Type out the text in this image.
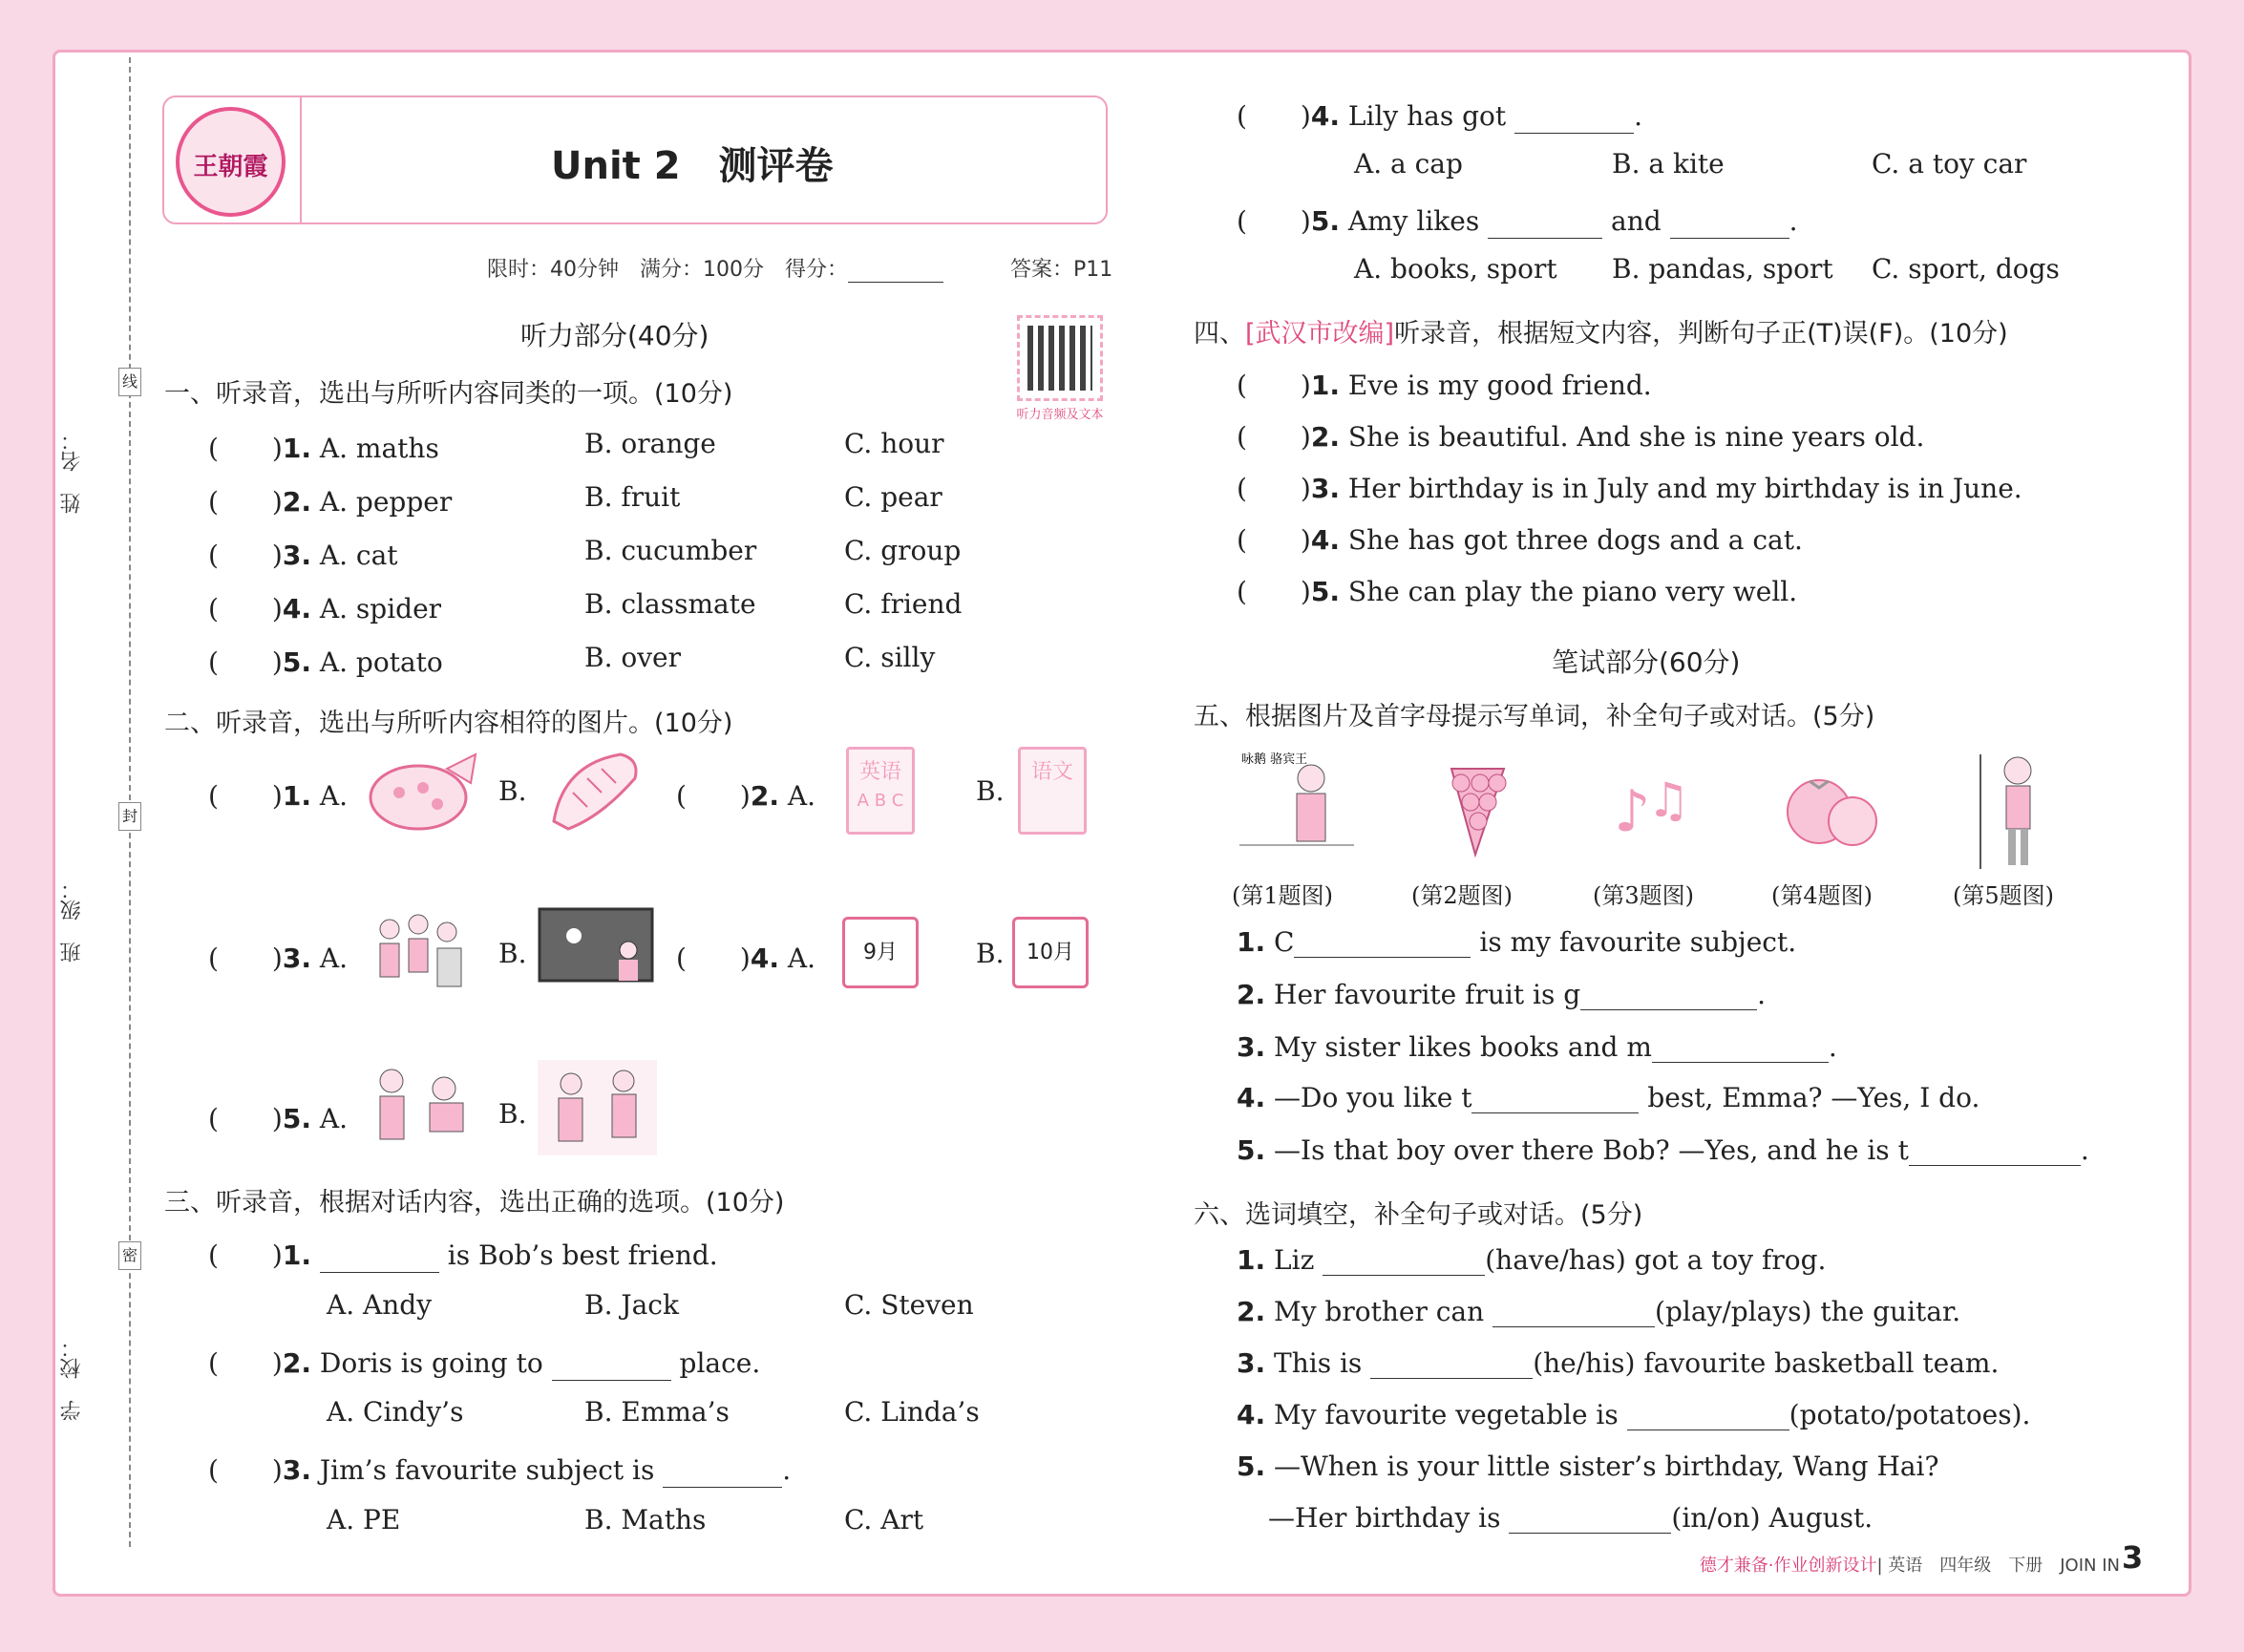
姓　名：
线
班　级：
封
学　校：
密
王朝霞	Unit 2　测评卷
限时：40分钟　满分：100分　得分：	答案：P11
听力部分(40分)
听力音频及文本
一、听录音，选出与所听内容同类的一项。(10分)
(　　)1. A. maths	B. orange	C. hour
(　　)2. A. pepper	B. fruit	C. pear
(　　)3. A. cat	B. cucumber	C. group
(　　)4. A. spider	B. classmate	C. friend
(　　)5. A. potato	B. over	C. silly
二、听录音，选出与所听内容相符的图片。(10分)
(　　)1. A.	B.	(　　)2. A.
英语
A B C	B.
语文
(　　)3. A.	B.	(　　)4. A.	9月	B.	10月
(　　)5. A.	B.
三、听录音，根据对话内容，选出正确的选项。(10分)
(　　)1.	is Bob’s best friend.
A. Andy	B. Jack	C. Steven
(　　)2. Doris is going to	place.
A. Cindy’s	B. Emma’s	C. Linda’s
(　　)3. Jim’s favourite subject is	.
A. PE	B. Maths	C. Art
(　　)4. Lily has got	.
A. a cap	B. a kite	C. a toy car
(　　)5. Amy likes	and	.
A. books, sport B. pandas, sport C. sport, dogs
四、[武汉市改编]听录音，根据短文内容，判断句子正(T)误(F)。(10分)
(　　)1. Eve is my good friend.
(　　)2. She is beautiful. And she is nine years old.
(　　)3. Her birthday is in July and my birthday is in June.
(　　)4. She has got three dogs and a cat.
(　　)5. She can play the piano very well.
笔试部分(60分)
五、根据图片及首字母提示写单词，补全句子或对话。(5分)
咏鹅 骆宾王
♪
♫
(第1题图)	(第2题图)	(第3题图)	(第4题图)	(第5题图)
1. C	is my favourite subject.
2. Her favourite fruit is g	.
3. My sister likes books and m	.
4. —Do you like t	best, Emma? —Yes, I do.
5. —Is that boy over there Bob? —Yes, and he is t	.
六、选词填空，补全句子或对话。(5分)
1. Liz	(have/has) got a toy frog.
2. My brother can	(play/plays) the guitar.
3. This is	(he/his) favourite basketball team.
4. My favourite vegetable is	(potato/potatoes).
5. —When is your little sister’s birthday, Wang Hai?
—Her birthday is	(in/on) August.
德才兼备·作业创新设计| 英语　四年级　下册　JOIN IN 3
